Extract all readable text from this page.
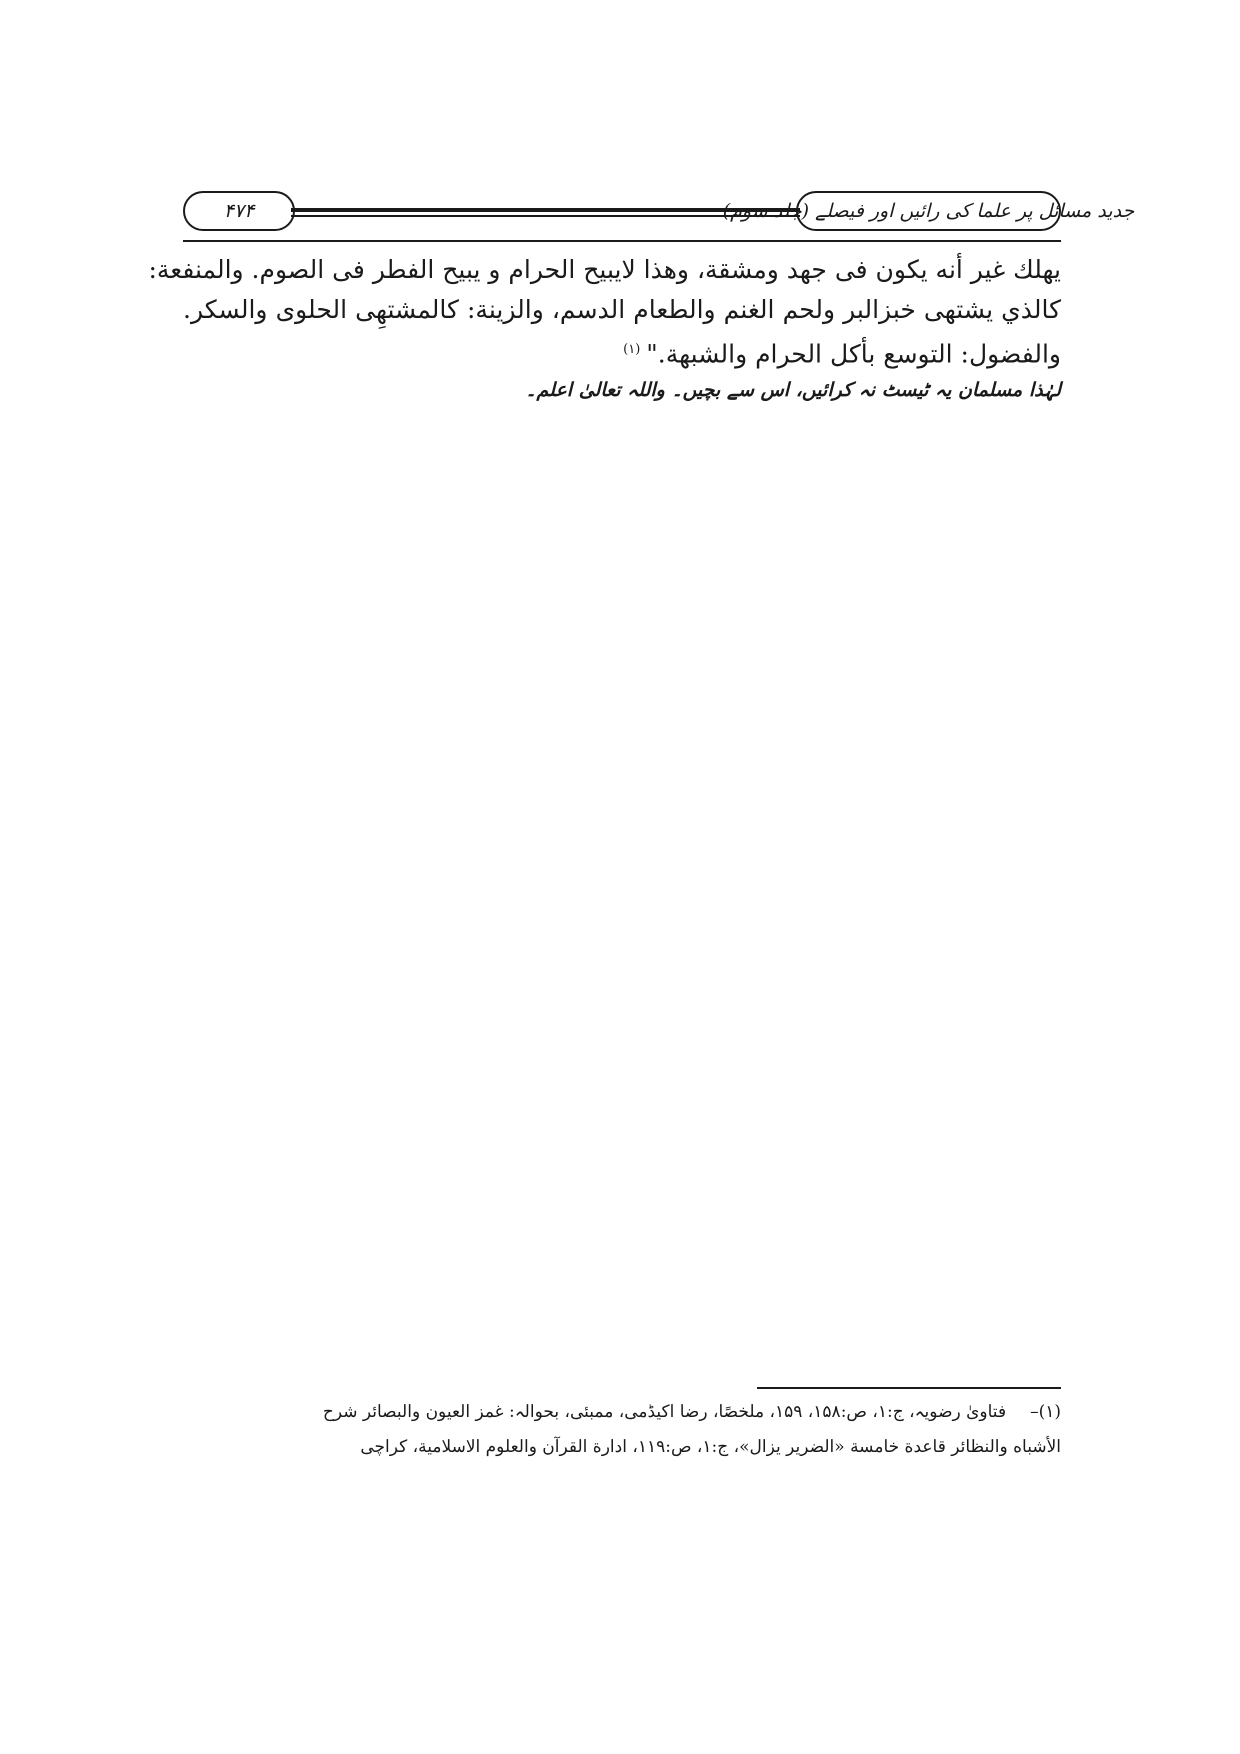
۴۷۴	جدید مسائل پر علما کی رائیں اور فیصلے (جلد سوم)
يهلك غير أنه يكون فى جهد ومشقة، وهذا لايبيح الحرام و يبيح الفطر فى الصوم. والمنفعة:
كالذي يشتهى خبزالبر ولحم الغنم والطعام الدسم، والزينة: كالمشتهِى الحلوى والسكر.
والفضول: التوسع بأكل الحرام والشبهة."$^{(۱)}$
لہٰذا مسلمان یہ ٹیسٹ نہ کرائیں، اس سے بچیں۔ واللہ تعالیٰ اعلم۔
(۱)–فتاویٰ رضویہ، ج:۱، ص:۱۵۸، ۱۵۹، ملخصًا، رضا اکیڈمی، ممبئی، بحوالہ: غمز العيون والبصائر شرح
الأشباه والنظائر قاعدة خامسة «الضرير يزال»، ج:۱، ص:۱۱۹، ادارة القرآن والعلوم الاسلامية، كراچی
